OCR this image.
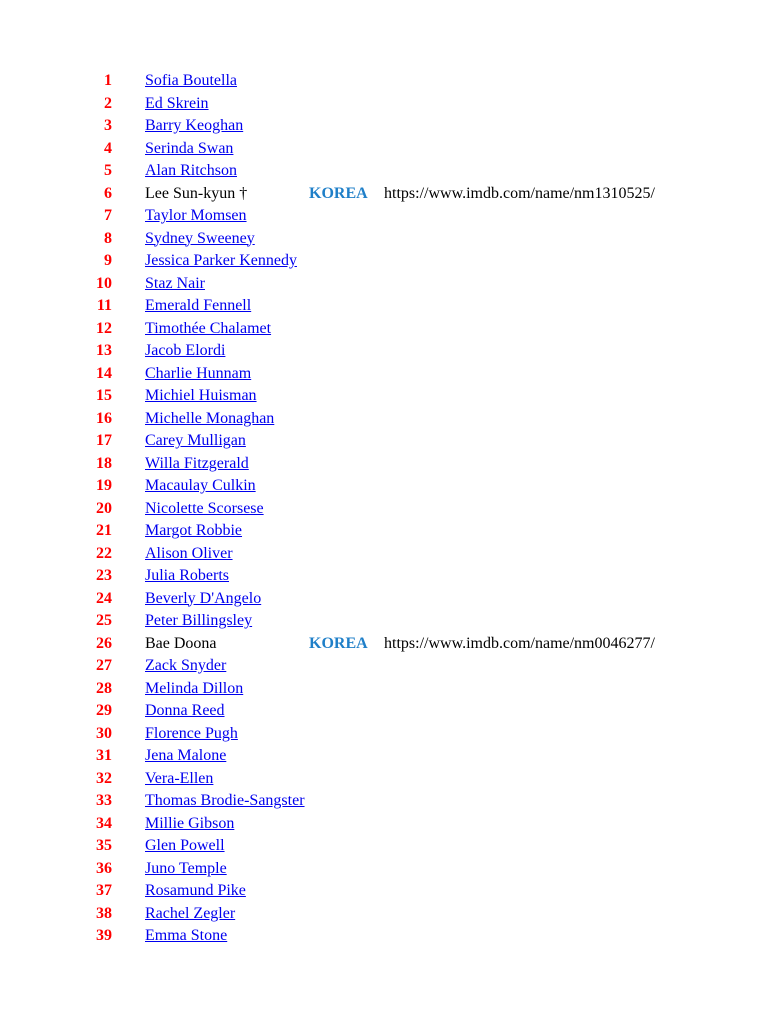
1 Sofia Boutella
2 Ed Skrein
3 Barry Keoghan
4 Serinda Swan
5 Alan Ritchson
6 Lee Sun-kyun †	KOREA https://www.imdb.com/name/nm1310525/
7 Taylor Momsen
8 Sydney Sweeney
9 Jessica Parker Kennedy
10 Staz Nair
11 Emerald Fennell
12 Timothée Chalamet
13 Jacob Elordi
14 Charlie Hunnam
15 Michiel Huisman
16 Michelle Monaghan
17 Carey Mulligan
18 Willa Fitzgerald
19 Macaulay Culkin
20 Nicolette Scorsese
21 Margot Robbie
22 Alison Oliver
23 Julia Roberts
24 Beverly D'Angelo
25 Peter Billingsley
26 Bae Doona	KOREA https://www.imdb.com/name/nm0046277/
27 Zack Snyder
28 Melinda Dillon
29 Donna Reed
30 Florence Pugh
31 Jena Malone
32 Vera-Ellen
33 Thomas Brodie-Sangster
34 Millie Gibson
35 Glen Powell
36 Juno Temple
37 Rosamund Pike
38 Rachel Zegler
39 Emma Stone
